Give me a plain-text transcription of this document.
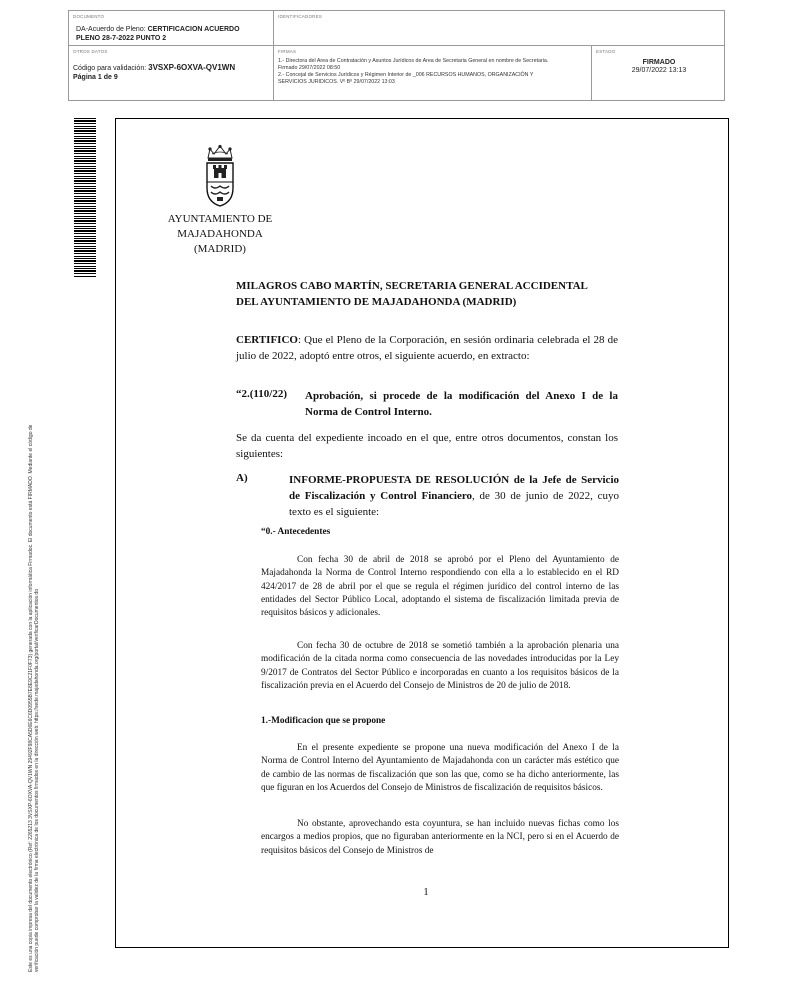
DOCUMENTO
DA-Acuerdo de Pleno: CERTIFICACION ACUERDO
PLENO 28-7-2022 PUNTO 2
IDENTIFICADORES
OTROS DATOS
Código para validación: 3VSXP-6OXVA-QV1WN
Página 1 de 9
FIRMAS
1.- Directora del Area de Contratación y Asuntos Jurídicos de Area de Secretaria General en nombre de Secretaria.
Firmado 29/07/2022 08:50
2.- Concejal de Servicios Jurídicos y Régimen Interior de _006 RECURSOS HUMANOS, ORGANIZACIÓN Y
SERVICIOS JURIDICOS. Vº Bº 29/07/2022 13:03
ESTADO
FIRMADO
29/07/2022 13:13
Este es una copia impresa del documento electrónico (Ref: 2265213 3VSXP-6OXVA-QV1WN 29492F98CA5D6E6C6D0955B7E8E9C21F0F73) generada con la aplicación informática Firmadoc. El documento está FIRMADO. Mediante el código de verificación puede comprobar la validez de la firma electrónica de los documentos firmados en la dirección web: https://sede.majadahonda.org/portal/verificarDocumentos.do
AYUNTAMIENTO DE
MAJADAHONDA
(MADRID)
MILAGROS CABO MARTÍN, SECRETARIA GENERAL ACCIDENTAL
DEL AYUNTAMIENTO DE MAJADAHONDA (MADRID)
CERTIFICO: Que el Pleno de la Corporación, en sesión ordinaria celebrada el 28 de julio de 2022, adoptó entre otros, el siguiente acuerdo, en extracto:
“2.(110/22) Aprobación, si procede de la modificación del Anexo I de la Norma de Control Interno.
Se da cuenta del expediente incoado en el que, entre otros documentos, constan los siguientes:
A)	INFORME-PROPUESTA DE RESOLUCIÓN de la Jefe de Servicio de Fiscalización y Control Financiero, de 30 de junio de 2022, cuyo texto es el siguiente:
“0.- Antecedentes
Con fecha 30 de abril de 2018 se aprobó por el Pleno del Ayuntamiento de Majadahonda la Norma de Control Interno respondiendo con ella a lo establecido en el RD 424/2017 de 28 de abril por el que se regula el régimen jurídico del control interno de las entidades del Sector Público Local, adoptando el sistema de fiscalización limitada previa de requisitos básicos y adicionales.
Con fecha 30 de octubre de 2018 se sometió también a la aprobación plenaria una modificación de la citada norma como consecuencia de las novedades introducidas por la Ley 9/2017 de Contratos del Sector Público e incorporadas en cuanto a los requisitos básicos de la fiscalización previa en el Acuerdo del Consejo de Ministros de 20 de julio de 2018.
1.-Modificacion que se propone
En el presente expediente se propone una nueva modificación del Anexo I de la Norma de Control Interno del Ayuntamiento de Majadahonda con un carácter más estético que de cambio de las normas de fiscalización que son las que, como se ha dicho anteriormente, las que figuran en los Acuerdos del Consejo de Ministros de fiscalización de requisitos básicos.
No obstante, aprovechando esta coyuntura, se han incluido nuevas fichas como los encargos a medios propios, que no figuraban anteriormente en la NCI, pero si en el Acuerdo de requisitos básicos del Consejo de Ministros de
1
